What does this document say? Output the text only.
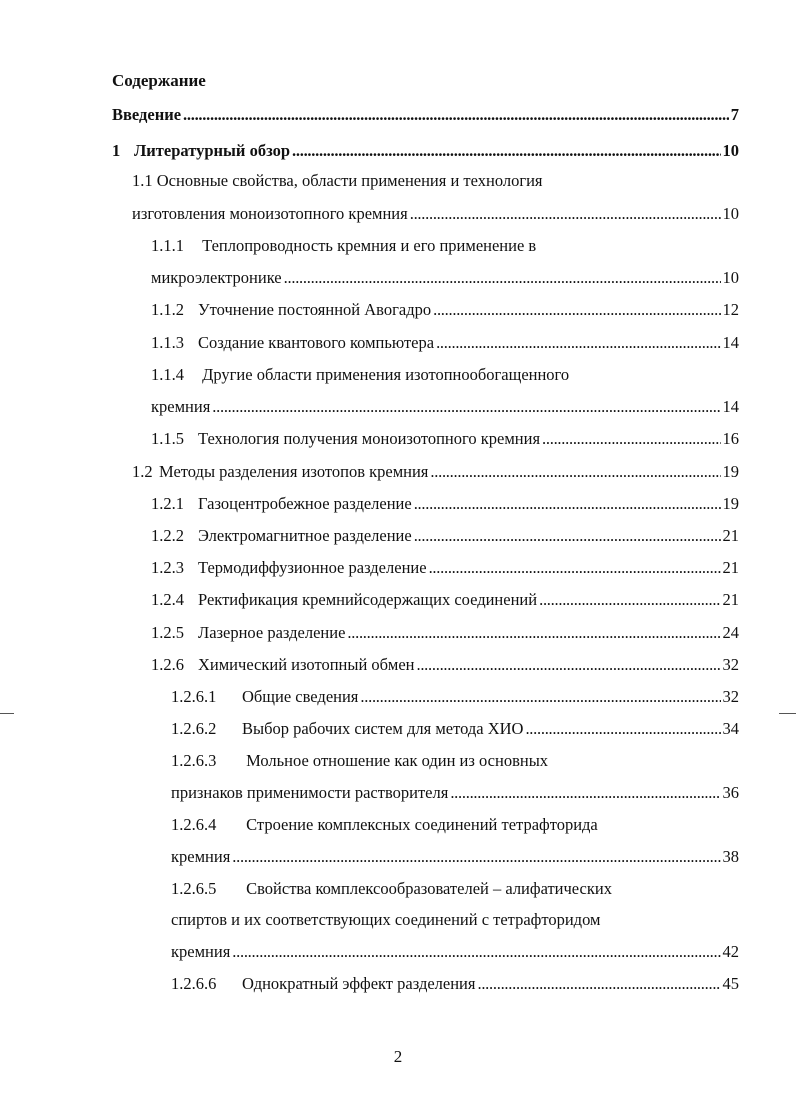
Содержание
Введение . . .	7
1 Литературный обзор . . .	10
1.1 Основные свойства, области применения и технология
изготовления моноизотопного кремния . . .	10
1.1.1 Теплопроводность кремния и его применение в
микроэлектронике . . .	10
1.1.2 Уточнение постоянной Авогадро . . .	12
1.1.3 Создание квантового компьютера . . .	14
1.1.4 Другие области применения изотопнообогащенного
кремния . . .	14
1.1.5 Технология получения моноизотопного кремния . . .	16
1.2 Методы разделения изотопов кремния . . .	19
1.2.1 Газоцентробежное разделение . . .	19
1.2.2 Электромагнитное разделение . . .	21
1.2.3 Термодиффузионное разделение . . .	21
1.2.4 Ректификация кремнийсодержащих соединений . . .	21
1.2.5 Лазерное разделение . . .	24
1.2.6 Химический изотопный обмен . . .	32
1.2.6.1	Общие сведения . . .	32
1.2.6.2	Выбор рабочих систем для метода ХИО . . .	34
1.2.6.3 Мольное отношение как один из основных
признаков применимости растворителя . . .	36
1.2.6.4 Строение комплексных соединений тетрафторида
кремния . . .	38
1.2.6.5 Свойства комплексообразователей – алифатических
спиртов и их соответствующих соединений с тетрафторидом
кремния . . .	42
1.2.6.6	Однократный эффект разделения . . .	45
2
